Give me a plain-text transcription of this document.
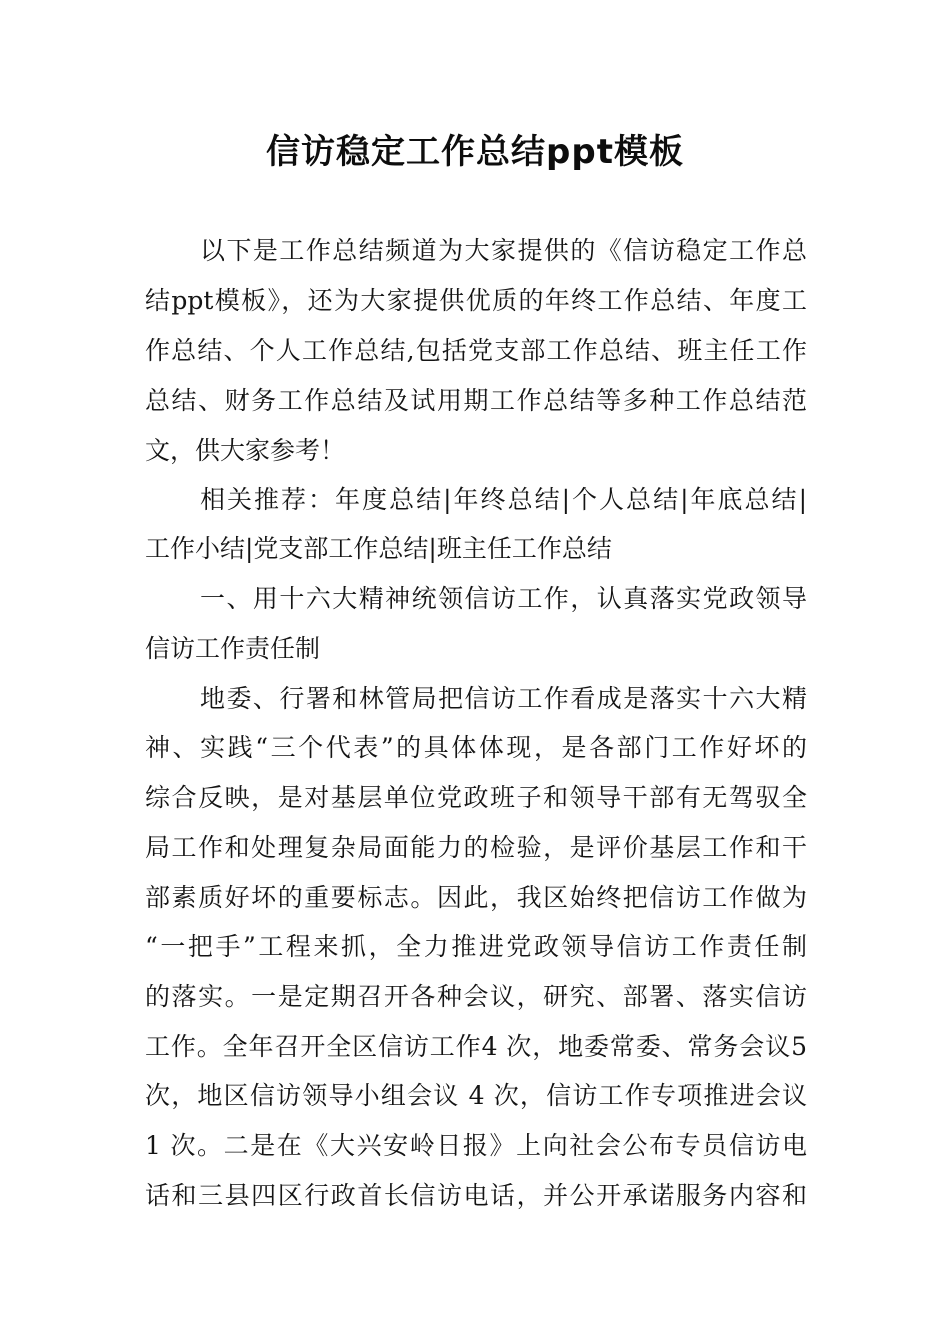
信访稳定工作总结ppt模板
以下是工作总结频道为大家提供的《信访稳定工作总
结ppt模板》，还为大家提供优质的年终工作总结、年度工
作总结、个人工作总结,包括党支部工作总结、班主任工作
总结、财务工作总结及试用期工作总结等多种工作总结范
文，供大家参考！
相关推荐：年度总结|年终总结|个人总结|年底总结|
工作小结|党支部工作总结|班主任工作总结
一、用十六大精神统领信访工作，认真落实党政领导
信访工作责任制
地委、行署和林管局把信访工作看成是落实十六大精
神、实践“三个代表”的具体体现，是各部门工作好坏的
综合反映，是对基层单位党政班子和领导干部有无驾驭全
局工作和处理复杂局面能力的检验，是评价基层工作和干
部素质好坏的重要标志。因此，我区始终把信访工作做为
“一把手”工程来抓，全力推进党政领导信访工作责任制
的落实。一是定期召开各种会议，研究、部署、落实信访
工作。全年召开全区信访工作4 次，地委常委、常务会议5
次，地区信访领导小组会议 4 次，信访工作专项推进会议
1 次。二是在《大兴安岭日报》上向社会公布专员信访电
话和三县四区行政首长信访电话，并公开承诺服务内容和
